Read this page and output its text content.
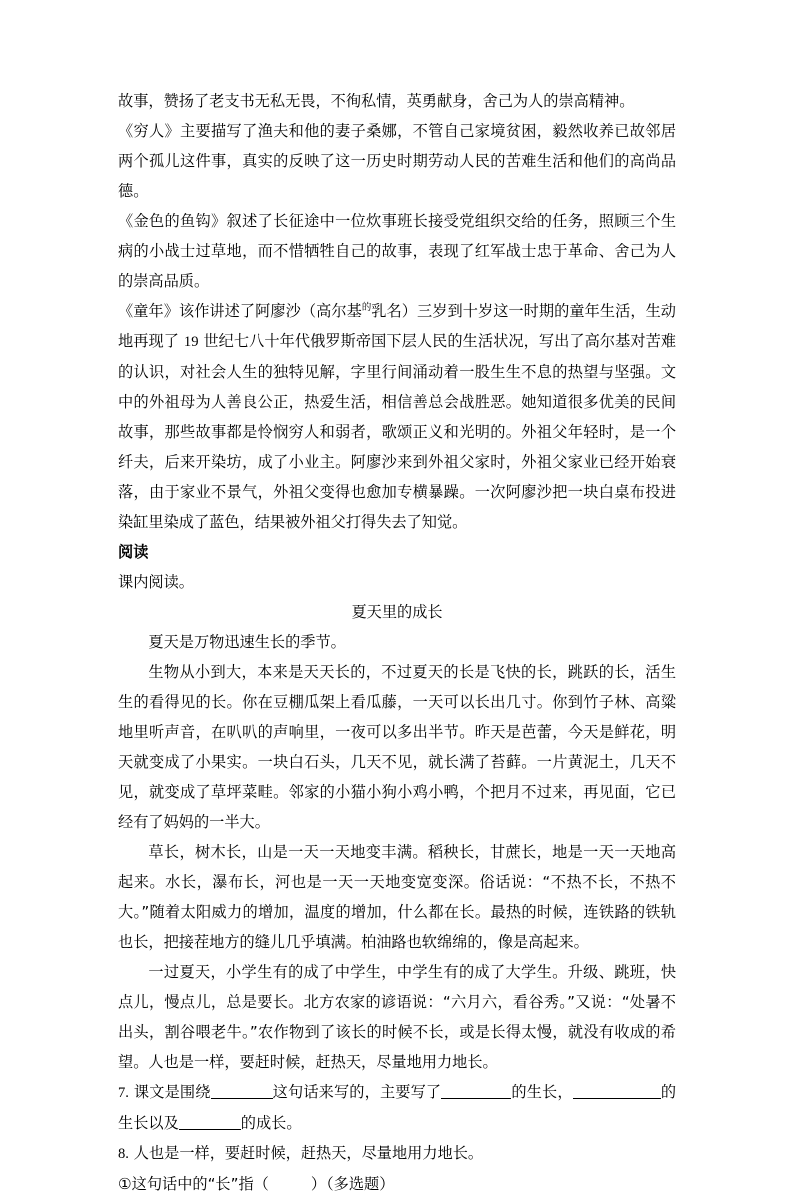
故事，赞扬了老支书无私无畏，不徇私情，英勇献身，舍己为人的崇高精神。

《穷人》主要描写了渔夫和他的妻子桑娜，不管自己家境贫困，毅然收养已故邻居两个孤儿这件事，真实的反映了这一历史时期劳动人民的苦难生活和他们的高尚品德。

《金色的鱼钩》叙述了长征途中一位炊事班长接受党组织交给的任务，照顾三个生病的小战士过草地，而不惜牺牲自己的故事，表现了红军战士忠于革命、舍己为人的崇高品质。

《童年》该作讲述了阿廖沙（高尔基$^的$乳名）三岁到十岁这一时期的童年生活，生动地再现了 19 世纪七八十年代俄罗斯帝国下层人民的生活状况，写出了高尔基对苦难的认识，对社会人生的独特见解，字里行间涌动着一股生生不息的热望与坚强。文中的外祖母为人善良公正，热爱生活，相信善总会战胜恶。她知道很多优美的民间故事，那些故事都是怜悯穷人和弱者，歌颂正义和光明的。外祖父年轻时，是一个纤夫，后来开染坊，成了小业主。阿廖沙来到外祖父家时，外祖父家业已经开始衰落，由于家业不景气，外祖父变得也愈加专横暴躁。一次阿廖沙把一块白桌布投进染缸里染成了蓝色，结果被外祖父打得失去了知觉。

阅读

课内阅读。

夏天里的成长

夏天是万物迅速生长的季节。

生物从小到大，本来是天天长的，不过夏天的长是飞快的长，跳跃的长，活生生的看得见的长。你在豆棚瓜架上看瓜藤，一天可以长出几寸。你到竹子林、高粱地里听声音，在叭叭的声响里，一夜可以多出半节。昨天是芭蕾，今天是鲜花，明天就变成了小果实。一块白石头，几天不见，就长满了苔藓。一片黄泥土，几天不见，就变成了草坪菜畦。邻家的小猫小狗小鸡小鸭，个把月不过来，再见面，它已经有了妈妈的一半大。

草长，树木长，山是一天一天地变丰满。稻秧长，甘蔗长，地是一天一天地高起来。水长，瀑布长，河也是一天一天地变宽变深。俗话说：“不热不长，不热不大。”随着太阳威力的增加，温度的增加，什么都在长。最热的时候，连铁路的铁轨也长，把接茬地方的缝儿几乎填满。柏油路也软绵绵的，像是高起来。

一过夏天，小学生有的成了中学生，中学生有的成了大学生。升级、跳班，快点儿，慢点儿，总是要长。北方农家的谚语说：“六月六，看谷秀。”又说：“处暑不出头，割谷喂老牛。”农作物到了该长的时候不长，或是长得太慢，就没有收成的希望。人也是一样，要赶时候，赶热天，尽量地用力地长。

7. 课文是围绕	这句话来写的，主要写了	的生长，	的生长以及	的成长。

8. 人也是一样，要赶时候，赶热天，尽量地用力地长。

①这句话中的“长”指（	）（多选题）
